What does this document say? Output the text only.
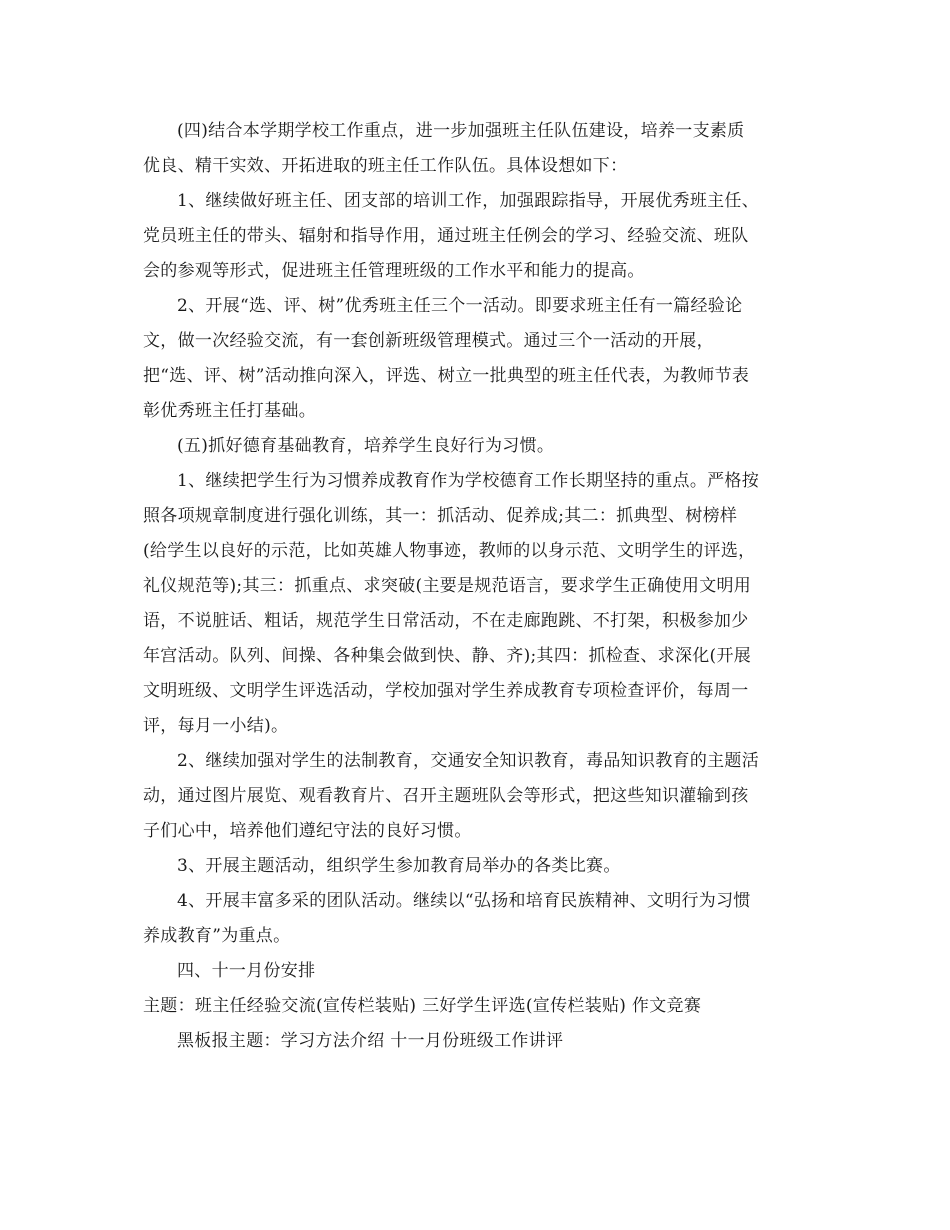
(四)结合本学期学校工作重点，进一步加强班主任队伍建设，培养一支素质
优良、精干实效、开拓进取的班主任工作队伍。具体设想如下：
1、继续做好班主任、团支部的培训工作，加强跟踪指导，开展优秀班主任、
党员班主任的带头、辐射和指导作用，通过班主任例会的学习、经验交流、班队
会的参观等形式，促进班主任管理班级的工作水平和能力的提高。
2、开展“选、评、树”优秀班主任三个一活动。即要求班主任有一篇经验论
文，做一次经验交流，有一套创新班级管理模式。通过三个一活动的开展，
把“选、评、树”活动推向深入，评选、树立一批典型的班主任代表，为教师节表
彰优秀班主任打基础。
(五)抓好德育基础教育，培养学生良好行为习惯。
1、继续把学生行为习惯养成教育作为学校德育工作长期坚持的重点。严格按
照各项规章制度进行强化训练，其一：抓活动、促养成;其二：抓典型、树榜样
(给学生以良好的示范，比如英雄人物事迹，教师的以身示范、文明学生的评选，
礼仪规范等);其三：抓重点、求突破(主要是规范语言，要求学生正确使用文明用
语，不说脏话、粗话，规范学生日常活动，不在走廊跑跳、不打架，积极参加少
年宫活动。队列、间操、各种集会做到快、静、齐);其四：抓检查、求深化(开展
文明班级、文明学生评选活动，学校加强对学生养成教育专项检查评价，每周一
评，每月一小结)。
2、继续加强对学生的法制教育，交通安全知识教育，毒品知识教育的主题活
动，通过图片展览、观看教育片、召开主题班队会等形式，把这些知识灌输到孩
子们心中，培养他们遵纪守法的良好习惯。
3、开展主题活动，组织学生参加教育局举办的各类比赛。
4、开展丰富多采的团队活动。继续以“弘扬和培育民族精神、文明行为习惯
养成教育”为重点。
四、十一月份安排
主题：班主任经验交流(宣传栏装贴) 三好学生评选(宣传栏装贴) 作文竞赛
黑板报主题：学习方法介绍 十一月份班级工作讲评
